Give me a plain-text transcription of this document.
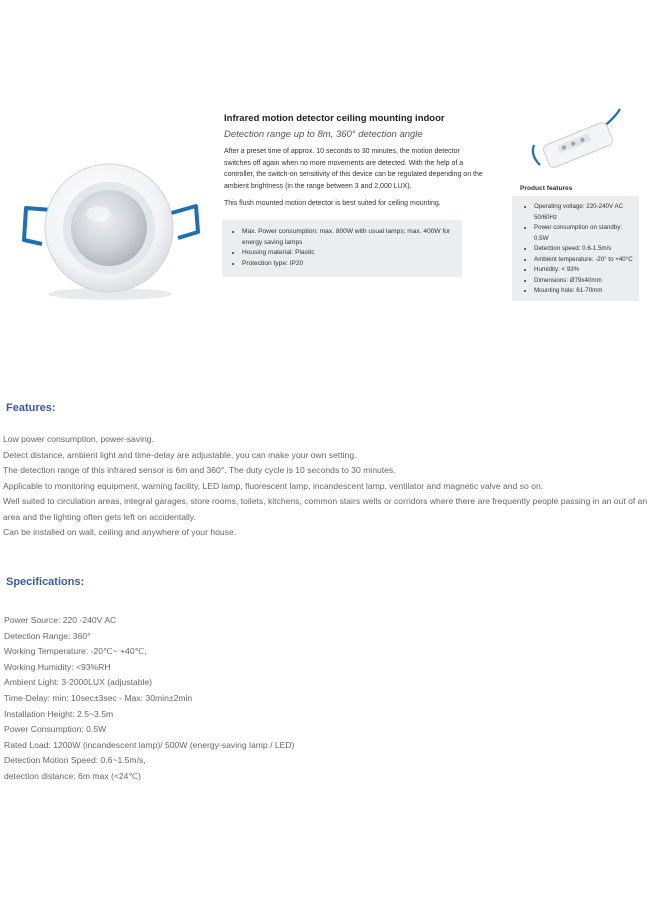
Infrared motion detector ceiling mounting indoor
Detection range up to 8m, 360° detection angle
After a preset time of approx. 10 seconds to 30 minutes, the motion detector switches off again when no more movements are detected. With the help of a controller, the switch-on sensitivity of this device can be regulated depending on the ambient brightness (in the range between 3 and 2,000 LUX).
This flush mounted motion detector is best suited for ceiling mounting.
• Max. Power consumption: max. 800W with usual lamps; max. 400W for energy saving lamps
• Housing material: Plastic
• Protection type: IP20
Product features
• Operating voltage: 220-240V AC 50/60Hz
• Power consumption on standby: 0.5W
• Detection speed: 0.6-1.5m/s
• Ambient temperature: -20° to +40°C
• Humidity: < 93%
• Dimensions: Ø79x40mm
• Mounting hole: 61-70mm
Features:
Low power consumption, power-saving.
Detect distance, ambient light and time-delay are adjustable, you can make your own setting.
The detection range of this infrared sensor is 6m and 360°. The duty cycle is 10 seconds to 30 minutes.
Applicable to monitoring equipment, warning facility, LED lamp, fluorescent lamp, incandescent lamp, ventilator and magnetic valve and so on.
Well suited to circulation areas, integral garages, store rooms, toilets, kitchens, common stairs wells or corridors where there are frequently people passing in an out of an area and the lighting often gets left on accidentally.
Can be installed on wall, ceiling and anywhere of your house.
Specifications:
Power Source: 220 -240V AC
Detection Range: 360°
Working Temperature: -20℃~ +40℃,
Working Humidity: <93%RH
Ambient Light: 3-2000LUX (adjustable)
Time-Delay: min: 10sec±3sec - Max: 30min±2min
Installation Height: 2.5~3.5m
Power Consumption: 0.5W
Rated Load: 1200W (incandescent lamp)/ 500W (energy-saving lamp / LED)
Detection Motion Speed: 0.6~1.5m/s,
detection distance: 6m max (<24℃)
